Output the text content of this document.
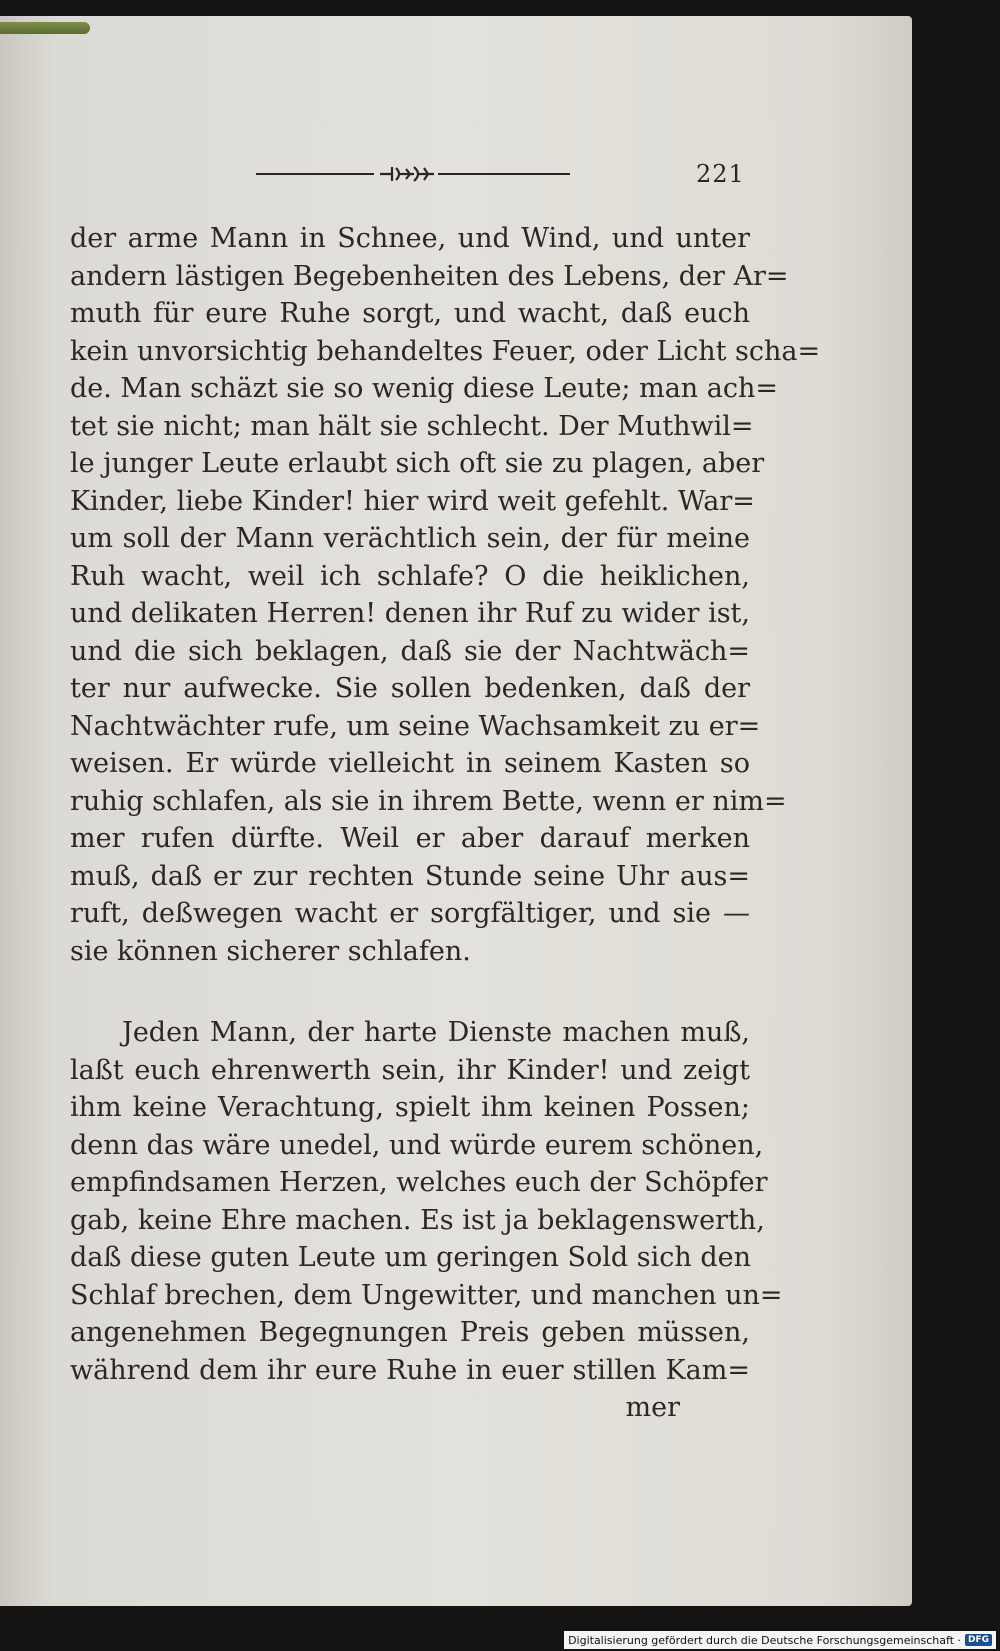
221
der arme Mann in Schnee, und Wind, und unter
andern lästigen Begebenheiten des Lebens, der Ar=
muth für eure Ruhe sorgt, und wacht, daß euch
kein unvorsichtig behandeltes Feuer, oder Licht scha=
de. Man schäzt sie so wenig diese Leute; man ach=
tet sie nicht; man hält sie schlecht. Der Muthwil=
le junger Leute erlaubt sich oft sie zu plagen, aber
Kinder, liebe Kinder! hier wird weit gefehlt. War=
um soll der Mann verächtlich sein, der für meine
Ruh wacht, weil ich schlafe? O die heiklichen,
und delikaten Herren! denen ihr Ruf zu wider ist,
und die sich beklagen, daß sie der Nachtwäch=
ter nur aufwecke. Sie sollen bedenken, daß der
Nachtwächter rufe, um seine Wachsamkeit zu er=
weisen. Er würde vielleicht in seinem Kasten so
ruhig schlafen, als sie in ihrem Bette, wenn er nim=
mer rufen dürfte. Weil er aber darauf merken
muß, daß er zur rechten Stunde seine Uhr aus=
ruft, deßwegen wacht er sorgfältiger, und sie —
sie können sicherer schlafen.
Jeden Mann, der harte Dienste machen muß,
laßt euch ehrenwerth sein, ihr Kinder! und zeigt
ihm keine Verachtung, spielt ihm keinen Possen;
denn das wäre unedel, und würde eurem schönen,
empfindsamen Herzen, welches euch der Schöpfer
gab, keine Ehre machen. Es ist ja beklagenswerth,
daß diese guten Leute um geringen Sold sich den
Schlaf brechen, dem Ungewitter, und manchen un=
angenehmen Begegnungen Preis geben müssen,
während dem ihr eure Ruhe in euer stillen Kam=
mer
Digitalisierung gefördert durch die Deutsche Forschungsgemeinschaft · DFG
